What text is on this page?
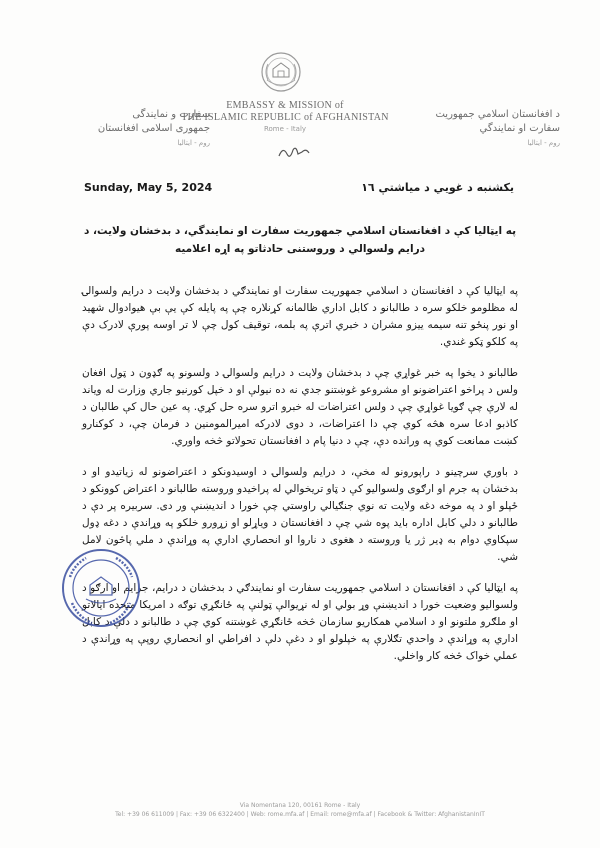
EMBASSY & MISSION of
THE ISLAMIC REPUBLIC of AFGHANISTAN
Rome - Italy
د افغانستان اسلامي جمهوريت
سفارت او نمایندگي
روم - ایتالیا
سفارت و نمایندگی
جمهوری اسلامی افغانستان
روم - ایتالیا
Sunday, May 5, 2024	یکشنبه د غويي د میاشتې ۱٦
په ایټالیا کې د افغانستان اسلامي جمهوریت سفارت او نمایندگي، د بدخشان ولایت، د درایم ولسوالي د وروستنی حادثاتو په اړه اعلامیه

په ایټالیا کې د افغانستان د اسلامي جمهوریت سفارت او نمایندګي د بدخشان ولایت د درایم ولسوالۍ له مظلومو خلکو سره د طالبانو د کابل اداري ظالمانه کړنلاره چې په پایله کې یې بې هیوادوال شهید او نور پنځو تنه سیمه ییزو مشران د خبري اترې په بلمه، توقیف کول چې لا تر اوسه پورې لادرک دې په کلکو ټکو غندي.

طالبانو د یخوا په خبر غواړي چې د بدخشان ولایت د درایم ولسوالۍ د ولسونو په ګډون د ټول افغان ولس د پراخو اعتراضونو او مشروعو غوښتنو جدي نه ده نیولې او د خپل کورنیو جاري وزارت له ویاند له لارې چې ګویا غواړي چې د ولس اعتراضات له خبرو اترو سره حل کړي. په عین حال کې طالبان د کاذبو ادعا سره هڅه کوي چې دا اعتراضات، د دوی لادرکه امیرالمومنین د فرمان چې، د کوکنارو کښت ممانعت کوي په ورانده دې، چې د دنیا پام د افغانستان تحولاتو څخه واوري.

د باوري سرچینو د راپورونو له مخې، د درایم ولسوالۍ د اوسیدونکو د اعتراضونو له زیاتیدو او د بدخشان په جرم او ارګوی ولسوالیو کې د ټاو تریخوالي له پراخیدو وروسته طالبانو د اعتراض کوونکو د ځپلو او د په موخه دغه ولایت ته نوي جنګیالي راوستي چې خورا د اندیښنې ور دی. سربیره پر دې د طالبانو د دلي کابل اداره باید پوه شي چې د افغانستان د ویاړلو او زړورو خلکو په وړاندې د دغه ډول سپکاوي دوام به ډیر ژر یا وروسته د هغوی د ناروا او انحصاري اداري په وړاندې د ملي پاڅون لامل شي.

په ایټالیا کې د افغانستان د اسلامي جمهوریت سفارت او نمایندګي د بدخشان د درایم، جرایم او ارګو د ولسوالیو وضعیت خورا د اندیښنې وړ بولي او له نړیوالې ټولنې په ځانګړي توګه د امریکا متحده ایالاتو او ملګرو ملتونو او د اسلامي همکاریو سازمان څخه ځانګړي غوښتنه کوي چې د طالبانو د دلې د کابل اداري په وړاندې د واحدي تګلارې په خپلولو او د دغې دلې د افراطي او انحصاري روپې په وړاندې د عملي خواک څخه کار واخلي.

Via Nomentana 120, 00161 Rome - Italy
Tel: +39 06 611009 | Fax: +39 06 6322400 | Web: rome.mfa.af | Email: rome@mfa.af | Facebook & Twitter: AfghanistanInIT
